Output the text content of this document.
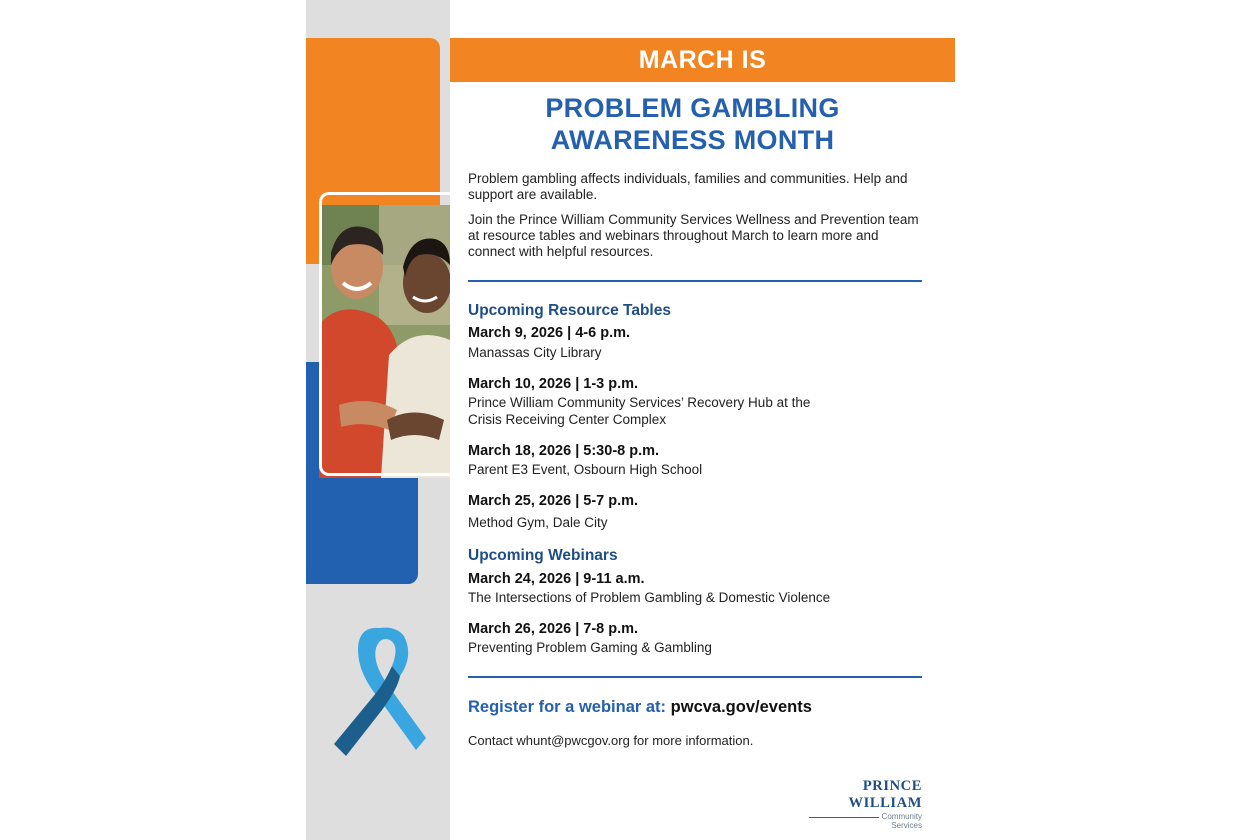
MARCH IS
PROBLEM GAMBLING
AWARENESS MONTH

Problem gambling affects individuals, families and communities. Help and support are available.

Join the Prince William Community Services Wellness and Prevention team at resource tables and webinars throughout March to learn more and connect with helpful resources.

Upcoming Resource Tables
March 9, 2026 | 4-6 p.m.
Manassas City Library
March 10, 2026 | 1-3 p.m.
Prince William Community Services’ Recovery Hub at the Crisis Receiving Center Complex
March 18, 2026 | 5:30-8 p.m.
Parent E3 Event, Osbourn High School
March 25, 2026 | 5-7 p.m.
Method Gym, Dale City
Upcoming Webinars
March 24, 2026 | 9-11 a.m.
The Intersections of Problem Gambling & Domestic Violence
March 26, 2026 | 7-8 p.m.
Preventing Problem Gaming & Gambling
Register for a webinar at: pwcva.gov/events
Contact whunt@pwcgov.org for more information.
PRINCE WILLIAM
Community Services
